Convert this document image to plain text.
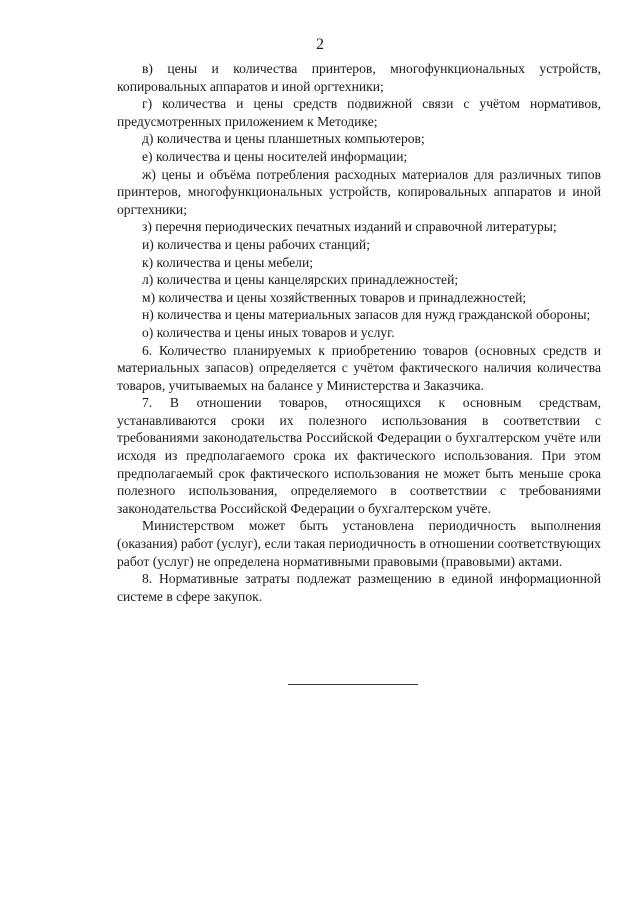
2

в) цены и количества принтеров, многофункциональных устройств, копировальных аппаратов и иной оргтехники;

г) количества и цены средств подвижной связи с учётом нормативов, предусмотренных приложением к Методике;

д) количества и цены планшетных компьютеров;

е) количества и цены носителей информации;

ж) цены и объёма потребления расходных материалов для различных типов принтеров, многофункциональных устройств, копировальных аппаратов и иной оргтехники;

з) перечня периодических печатных изданий и справочной литературы;

и) количества и цены рабочих станций;

к) количества и цены мебели;

л) количества и цены канцелярских принадлежностей;

м) количества и цены хозяйственных товаров и принадлежностей;

н) количества и цены материальных запасов для нужд гражданской обороны;

о) количества и цены иных товаров и услуг.

6. Количество планируемых к приобретению товаров (основных средств и материальных запасов) определяется с учётом фактического наличия количества товаров, учитываемых на балансе у Министерства и Заказчика.

7. В отношении товаров, относящихся к основным средствам, устанавливаются сроки их полезного использования в соответствии с требованиями законодательства Российской Федерации о бухгалтерском учёте или исходя из предполагаемого срока их фактического использования. При этом предполагаемый срок фактического использования не может быть меньше срока полезного использования, определяемого в соответствии с требованиями законодательства Российской Федерации о бухгалтерском учёте.

Министерством может быть установлена периодичность выполнения (оказания) работ (услуг), если такая периодичность в отношении соответствующих работ (услуг) не определена нормативными правовыми (правовыми) актами.

8. Нормативные затраты подлежат размещению в единой информационной системе в сфере закупок.
